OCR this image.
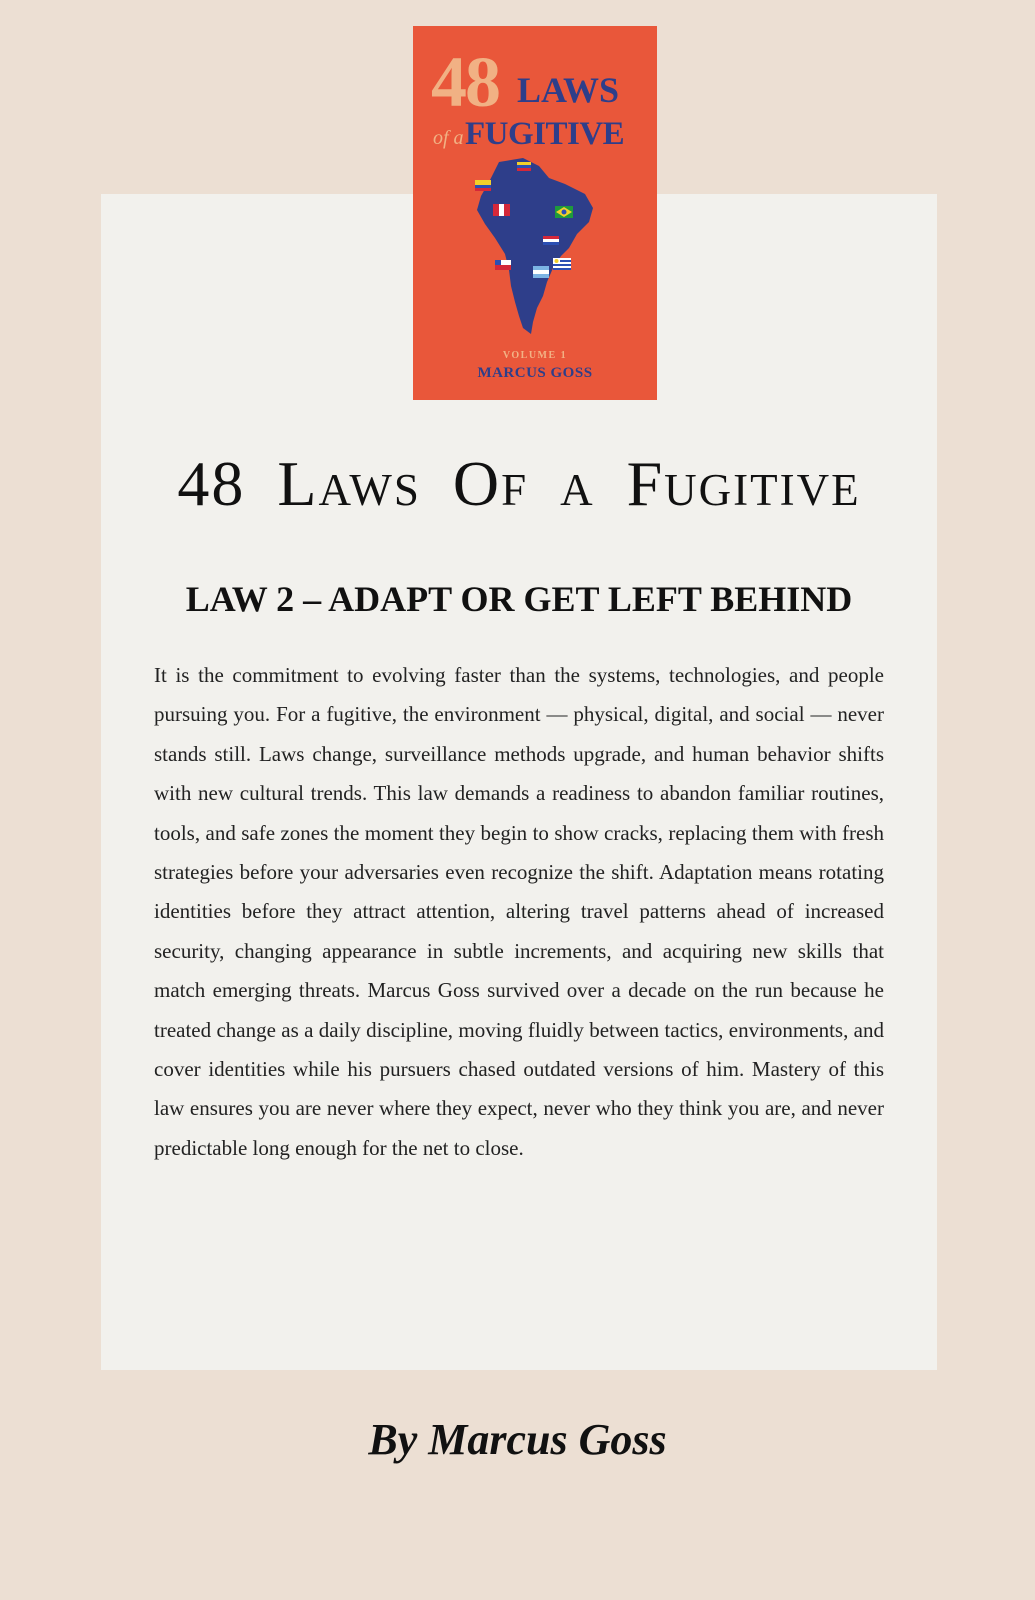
48 LAWS
of a FUGITIVE
VOLUME 1
MARCUS GOSS
48 Laws Of a Fugitive
LAW 2 – ADAPT OR GET LEFT BEHIND

It is the commitment to evolving faster than the systems, technologies, and people pursuing you. For a fugitive, the environment — physical, digital, and social — never stands still. Laws change, surveillance methods upgrade, and human behavior shifts with new cultural trends. This law demands a readiness to abandon familiar routines, tools, and safe zones the moment they begin to show cracks, replacing them with fresh strategies before your adversaries even recognize the shift. Adaptation means rotating identities before they attract attention, altering travel patterns ahead of increased security, changing appearance in subtle increments, and acquiring new skills that match emerging threats. Marcus Goss survived over a decade on the run because he treated change as a daily discipline, moving fluidly between tactics, environments, and cover identities while his pursuers chased outdated versions of him. Mastery of this law ensures you are never where they expect, never who they think you are, and never predictable long enough for the net to close.

By Marcus Goss
